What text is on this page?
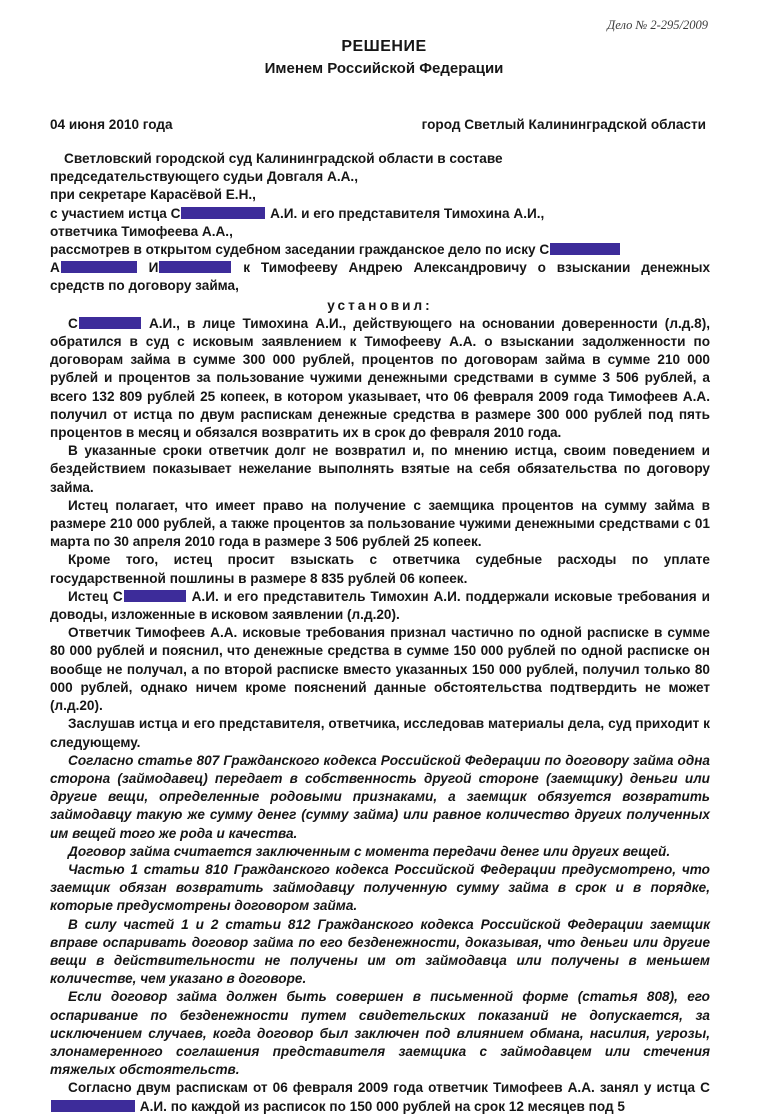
Дело № 2-295/2009
РЕШЕНИЕ
Именем Российской Федерации
04 июня 2010 года	город Светлый Калининградской области

Светловский городской суд Калининградской области в составе

председательствующего судьи Довгаля А.А.,

при секретаре Карасёвой Е.Н.,

с участием истца С	А.И. и его представителя Тимохина А.И.,

ответчика Тимофеева А.А.,

рассмотрев в открытом судебном заседании гражданское дело по иску С
А	И	к Тимофееву Андрею Александровичу о взыскании денежных средств по договору займа,

установил:

С	А.И., в лице Тимохина А.И., действующего на основании доверенности (л.д.8), обратился в суд с исковым заявлением к Тимофееву А.А. о взыскании задолженности по договорам займа в сумме 300 000 рублей, процентов по договорам займа в сумме 210 000 рублей и процентов за пользование чужими денежными средствами в сумме 3 506 рублей, а всего 132 809 рублей 25 копеек, в котором указывает, что 06 февраля 2009 года Тимофеев А.А. получил от истца по двум распискам денежные средства в размере 300 000 рублей под пять процентов в месяц и обязался возвратить их в срок до февраля 2010 года.

В указанные сроки ответчик долг не возвратил и, по мнению истца, своим поведением и бездействием показывает нежелание выполнять взятые на себя обязательства по договору займа.

Истец полагает, что имеет право на получение с заемщика процентов на сумму займа в размере 210 000 рублей, а также процентов за пользование чужими денежными средствами с 01 марта по 30 апреля 2010 года в размере 3 506 рублей 25 копеек.

Кроме того, истец просит взыскать с ответчика судебные расходы по уплате государственной пошлины в размере 8 835 рублей 06 копеек.

Истец С	А.И. и его представитель Тимохин А.И. поддержали исковые требования и доводы, изложенные в исковом заявлении (л.д.20).

Ответчик Тимофеев А.А. исковые требования признал частично по одной расписке в сумме 80 000 рублей и пояснил, что денежные средства в сумме 150 000 рублей по одной расписке он вообще не получал, а по второй расписке вместо указанных 150 000 рублей, получил только 80 000 рублей, однако ничем кроме пояснений данные обстоятельства подтвердить не может (л.д.20).

Заслушав истца и его представителя, ответчика, исследовав материалы дела, суд приходит к следующему.

Согласно статье 807 Гражданского кодекса Российской Федерации по договору займа одна сторона (займодавец) передает в собственность другой стороне (заемщику) деньги или другие вещи, определенные родовыми признаками, а заемщик обязуется возвратить займодавцу такую же сумму денег (сумму займа) или равное количество других полученных им вещей того же рода и качества.

Договор займа считается заключенным с момента передачи денег или других вещей.

Частью 1 статьи 810 Гражданского кодекса Российской Федерации предусмотрено, что заемщик обязан возвратить займодавцу полученную сумму займа в срок и в порядке, которые предусмотрены договором займа.

В силу частей 1 и 2 статьи 812 Гражданского кодекса Российской Федерации заемщик вправе оспаривать договор займа по его безденежности, доказывая, что деньги или другие вещи в действительности не получены им от займодавца или получены в меньшем количестве, чем указано в договоре.

Если договор займа должен быть совершен в письменной форме (статья 808), его оспаривание по безденежности путем свидетельских показаний не допускается, за исключением случаев, когда договор был заключен под влиянием обмана, насилия, угрозы, злонамеренного соглашения представителя заемщика с займодавцем или стечения тяжелых обстоятельств.

Согласно двум распискам от 06 февраля 2009 года ответчик Тимофеев А.А. занял у истца С А.И. по каждой из расписок по 150 000 рублей на срок 12 месяцев под 5
